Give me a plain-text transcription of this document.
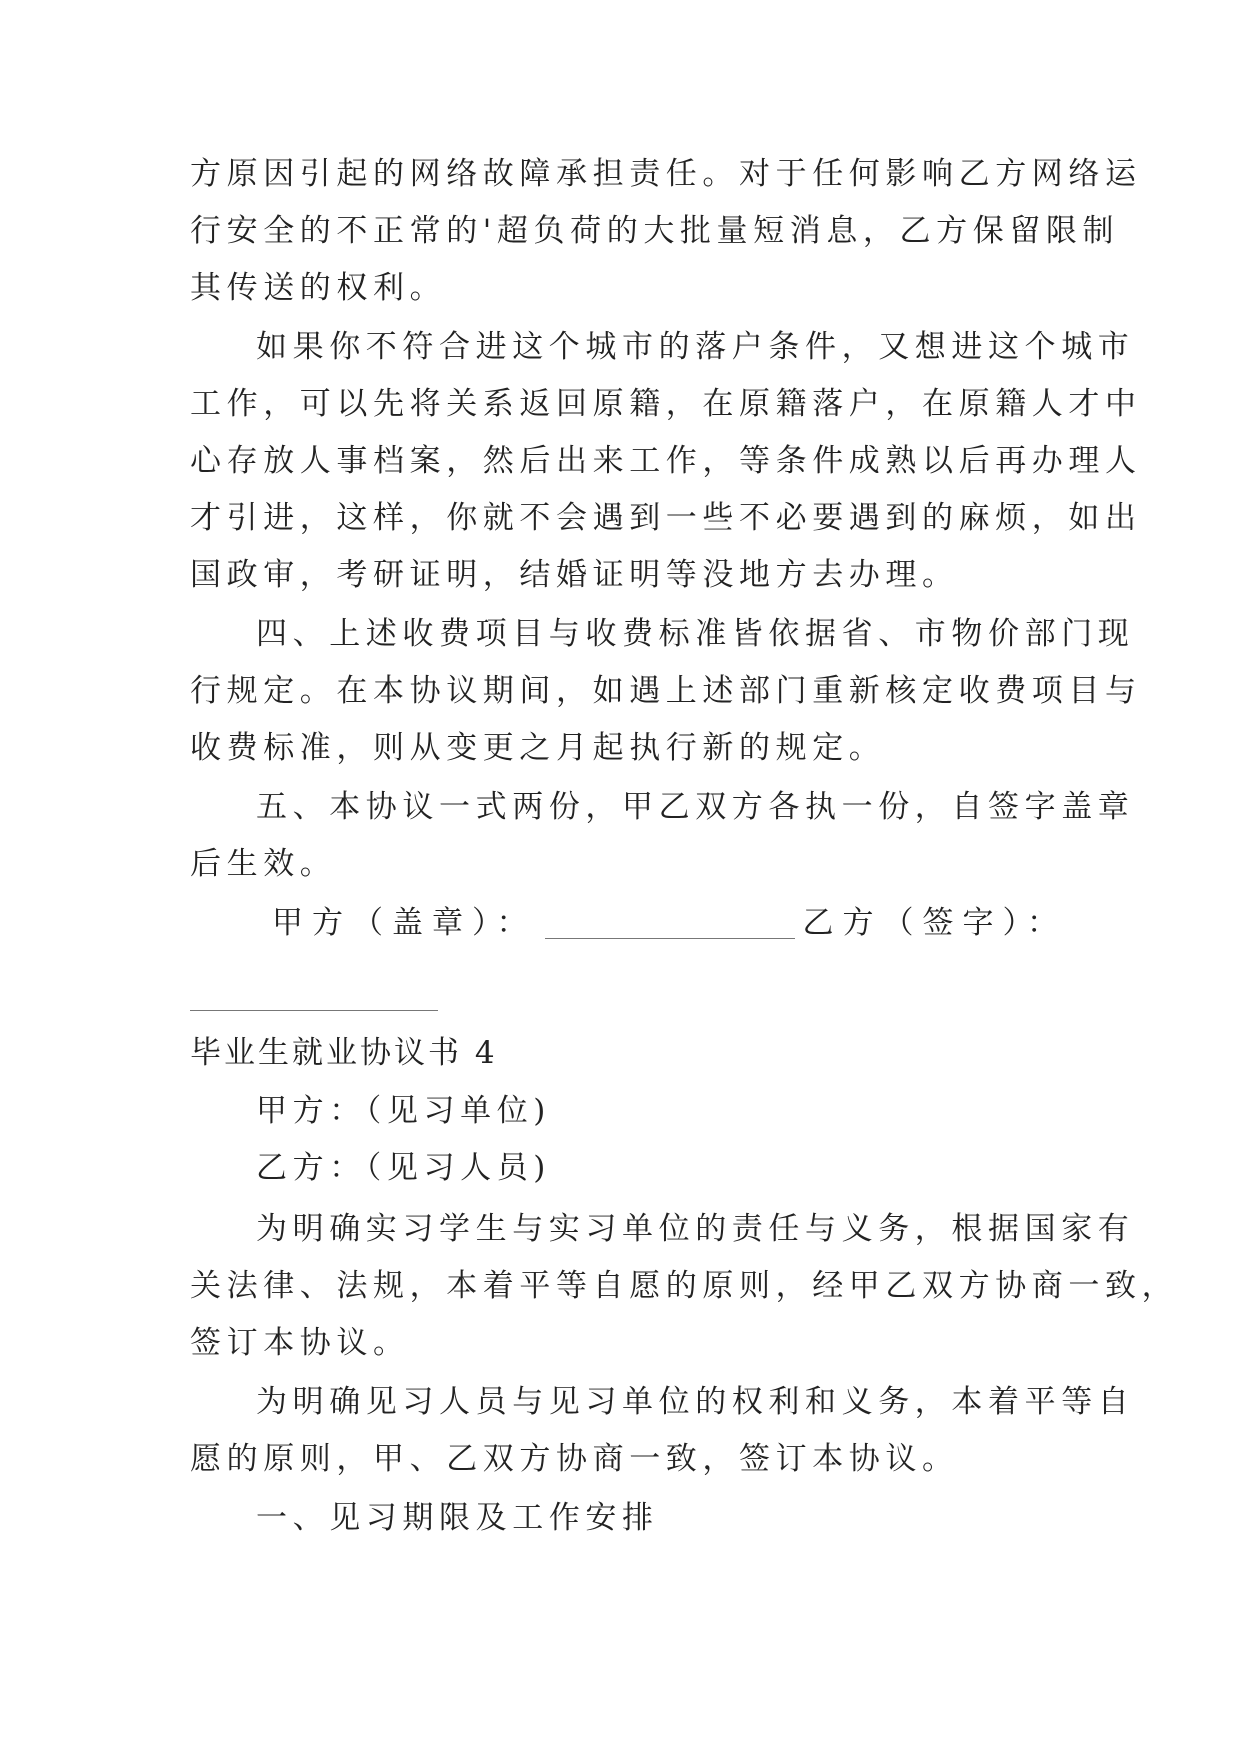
方原因引起的网络故障承担责任。对于任何影响乙方网络运
行安全的不正常的'超负荷的大批量短消息，乙方保留限制
其传送的权利。
如果你不符合进这个城市的落户条件，又想进这个城市
工作，可以先将关系返回原籍，在原籍落户，在原籍人才中
心存放人事档案，然后出来工作，等条件成熟以后再办理人
才引进，这样，你就不会遇到一些不必要遇到的麻烦，如出
国政审，考研证明，结婚证明等没地方去办理。
四、上述收费项目与收费标准皆依据省、市物价部门现
行规定。在本协议期间，如遇上述部门重新核定收费项目与
收费标准，则从变更之月起执行新的规定。
五、本协议一式两份，甲乙双方各执一份，自签字盖章
后生效。
甲方（盖章）：	乙方（签字）：
毕业生就业协议书 4
甲方：（见习单位)
乙方：（见习人员)
为明确实习学生与实习单位的责任与义务，根据国家有
关法律、法规，本着平等自愿的原则，经甲乙双方协商一致，
签订本协议。
为明确见习人员与见习单位的权利和义务，本着平等自
愿的原则，甲、乙双方协商一致，签订本协议。
一、见习期限及工作安排
